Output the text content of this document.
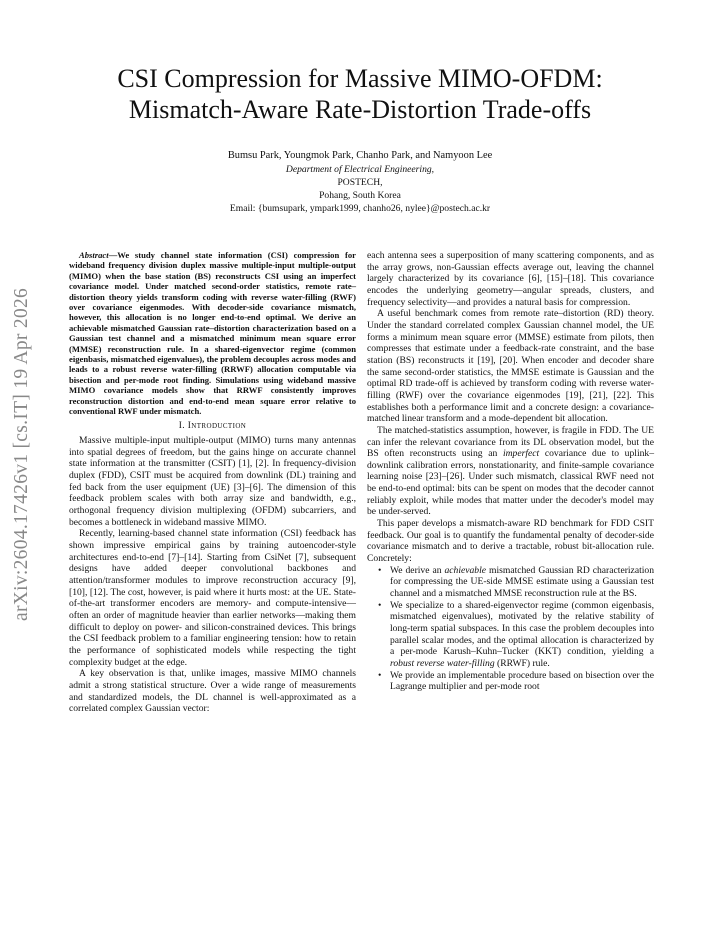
arXiv:2604.17426v1 [cs.IT] 19 Apr 2026
CSI Compression for Massive MIMO-OFDM:
Mismatch-Aware Rate-Distortion Trade-offs
Bumsu Park, Youngmok Park, Chanho Park, and Namyoon Lee
Department of Electrical Engineering,
POSTECH,
Pohang, South Korea
Email: {bumsupark, ympark1999, chanho26, nylee}@postech.ac.kr

Abstract—We study channel state information (CSI) compression for wideband frequency division duplex massive multiple-input multiple-output (MIMO) when the base station (BS) reconstructs CSI using an imperfect covariance model. Under matched second-order statistics, remote rate–distortion theory yields transform coding with reverse water-filling (RWF) over covariance eigenmodes. With decoder-side covariance mismatch, however, this allocation is no longer end-to-end optimal. We derive an achievable mismatched Gaussian rate–distortion characterization based on a Gaussian test channel and a mismatched minimum mean square error (MMSE) reconstruction rule. In a shared-eigenvector regime (common eigenbasis, mismatched eigenvalues), the problem decouples across modes and leads to a robust reverse water-filling (RRWF) allocation computable via bisection and per-mode root finding. Simulations using wideband massive MIMO covariance models show that RRWF consistently improves reconstruction distortion and end-to-end mean square error relative to conventional RWF under mismatch.

I. Introduction

Massive multiple-input multiple-output (MIMO) turns many antennas into spatial degrees of freedom, but the gains hinge on accurate channel state information at the transmitter (CSIT) [1], [2]. In frequency-division duplex (FDD), CSIT must be acquired from downlink (DL) training and fed back from the user equipment (UE) [3]–[6]. The dimension of this feedback problem scales with both array size and bandwidth, e.g., orthogonal frequency division multiplexing (OFDM) subcarriers, and becomes a bottleneck in wideband massive MIMO.

Recently, learning-based channel state information (CSI) feedback has shown impressive empirical gains by training autoencoder-style architectures end-to-end [7]–[14]. Starting from CsiNet [7], subsequent designs have added deeper convolutional backbones and attention/transformer modules to improve reconstruction accuracy [9], [10], [12]. The cost, however, is paid where it hurts most: at the UE. State-of-the-art transformer encoders are memory- and compute-intensive—often an order of magnitude heavier than earlier networks—making them difficult to deploy on power- and silicon-constrained devices. This brings the CSI feedback problem to a familiar engineering tension: how to retain the performance of sophisticated models while respecting the tight complexity budget at the edge.

A key observation is that, unlike images, massive MIMO channels admit a strong statistical structure. Over a wide range of measurements and standardized models, the DL channel is well-approximated as a correlated complex Gaussian vector:

each antenna sees a superposition of many scattering components, and as the array grows, non-Gaussian effects average out, leaving the channel largely characterized by its covariance [6], [15]–[18]. This covariance encodes the underlying geometry—angular spreads, clusters, and frequency selectivity—and provides a natural basis for compression.

A useful benchmark comes from remote rate–distortion (RD) theory. Under the standard correlated complex Gaussian channel model, the UE forms a minimum mean square error (MMSE) estimate from pilots, then compresses that estimate under a feedback-rate constraint, and the base station (BS) reconstructs it [19], [20]. When encoder and decoder share the same second-order statistics, the MMSE estimate is Gaussian and the optimal RD trade-off is achieved by transform coding with reverse water-filling (RWF) over the covariance eigenmodes [19], [21], [22]. This establishes both a performance limit and a concrete design: a covariance-matched linear transform and a mode-dependent bit allocation.

The matched-statistics assumption, however, is fragile in FDD. The UE can infer the relevant covariance from its DL observation model, but the BS often reconstructs using an imperfect covariance due to uplink–downlink calibration errors, nonstationarity, and finite-sample covariance learning noise [23]–[26]. Under such mismatch, classical RWF need not be end-to-end optimal: bits can be spent on modes that the decoder cannot reliably exploit, while modes that matter under the decoder's model may be under-served.

This paper develops a mismatch-aware RD benchmark for FDD CSIT feedback. Our goal is to quantify the fundamental penalty of decoder-side covariance mismatch and to derive a tractable, robust bit-allocation rule. Concretely:

• We derive an achievable mismatched Gaussian RD characterization for compressing the UE-side MMSE estimate using a Gaussian test channel and a mismatched MMSE reconstruction rule at the BS.
• We specialize to a shared-eigenvector regime (common eigenbasis, mismatched eigenvalues), motivated by the relative stability of long-term spatial subspaces. In this case the problem decouples into parallel scalar modes, and the optimal allocation is characterized by a per-mode Karush–Kuhn–Tucker (KKT) condition, yielding a robust reverse water-filling (RRWF) rule.
• We provide an implementable procedure based on bisection over the Lagrange multiplier and per-mode root
